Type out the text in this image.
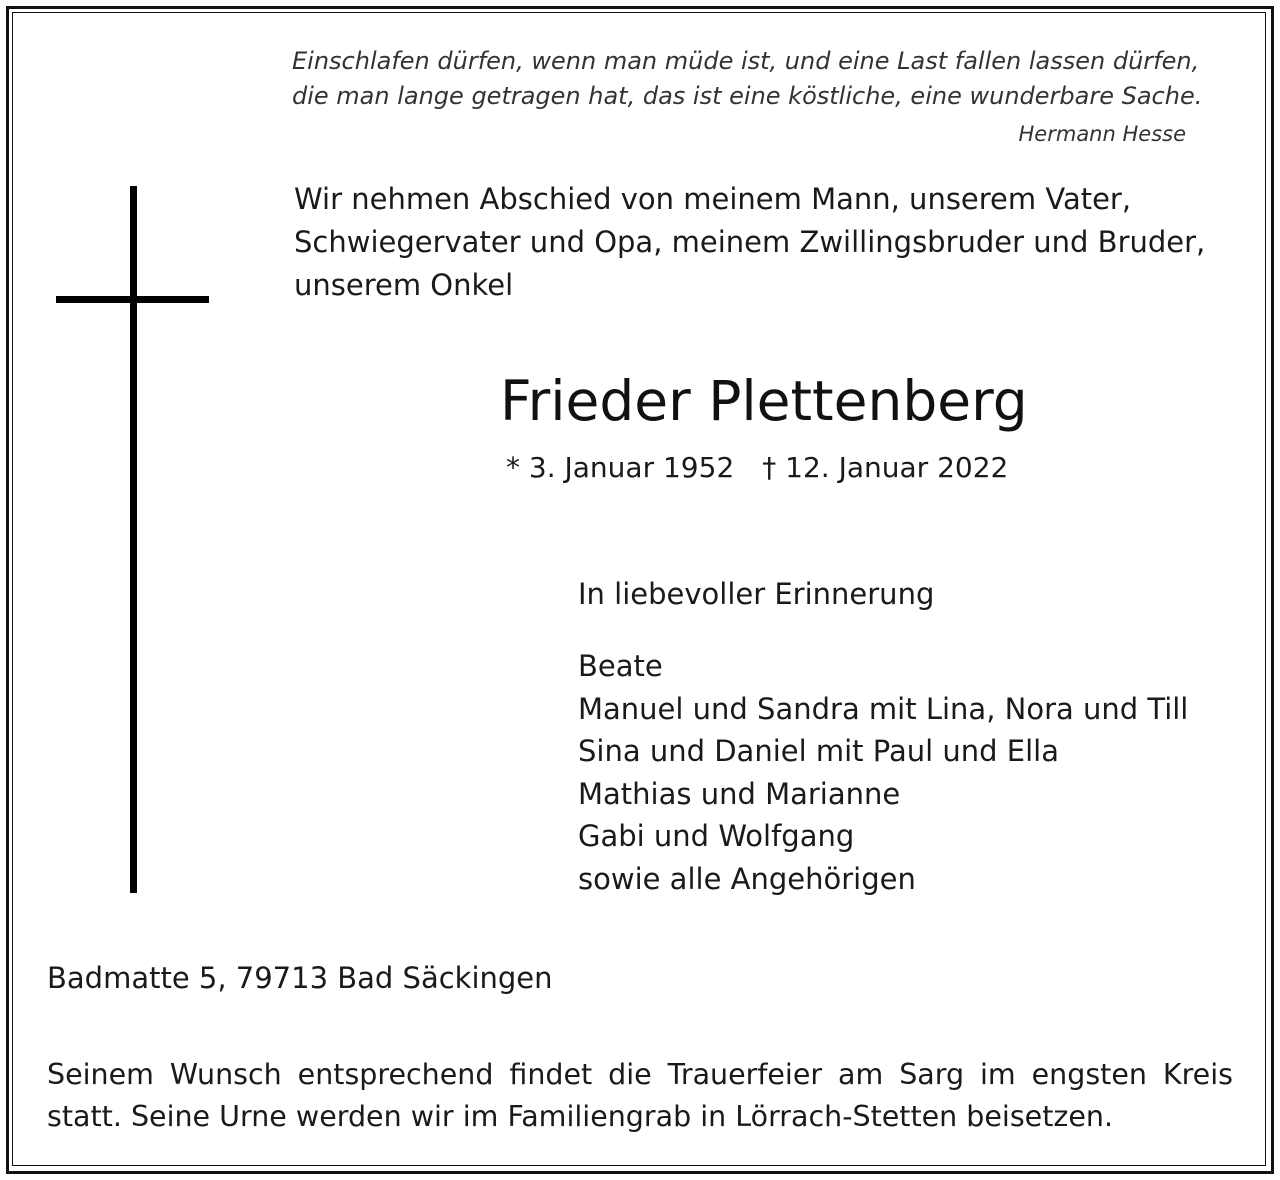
Einschlafen dürfen, wenn man müde ist, und eine Last fallen lassen dürfen,
die man lange getragen hat, das ist eine köstliche, eine wunderbare Sache.

Hermann Hesse
Wir nehmen Abschied von meinem Mann, unserem Vater,
Schwiegervater und Opa, meinem Zwillingsbruder und Bruder,
unserem Onkel
Frieder Plettenberg
* 3. Januar 1952 † 12. Januar 2022
In liebevoller Erinnerung
Beate
Manuel und Sandra mit Lina, Nora und Till
Sina und Daniel mit Paul und Ella
Mathias und Marianne
Gabi und Wolfgang
sowie alle Angehörigen
Badmatte 5, 79713 Bad Säckingen

Seinem Wunsch entsprechend findet die Trauerfeier am Sarg im engsten Kreis
statt. Seine Urne werden wir im Familiengrab in Lörrach-Stetten beisetzen.
